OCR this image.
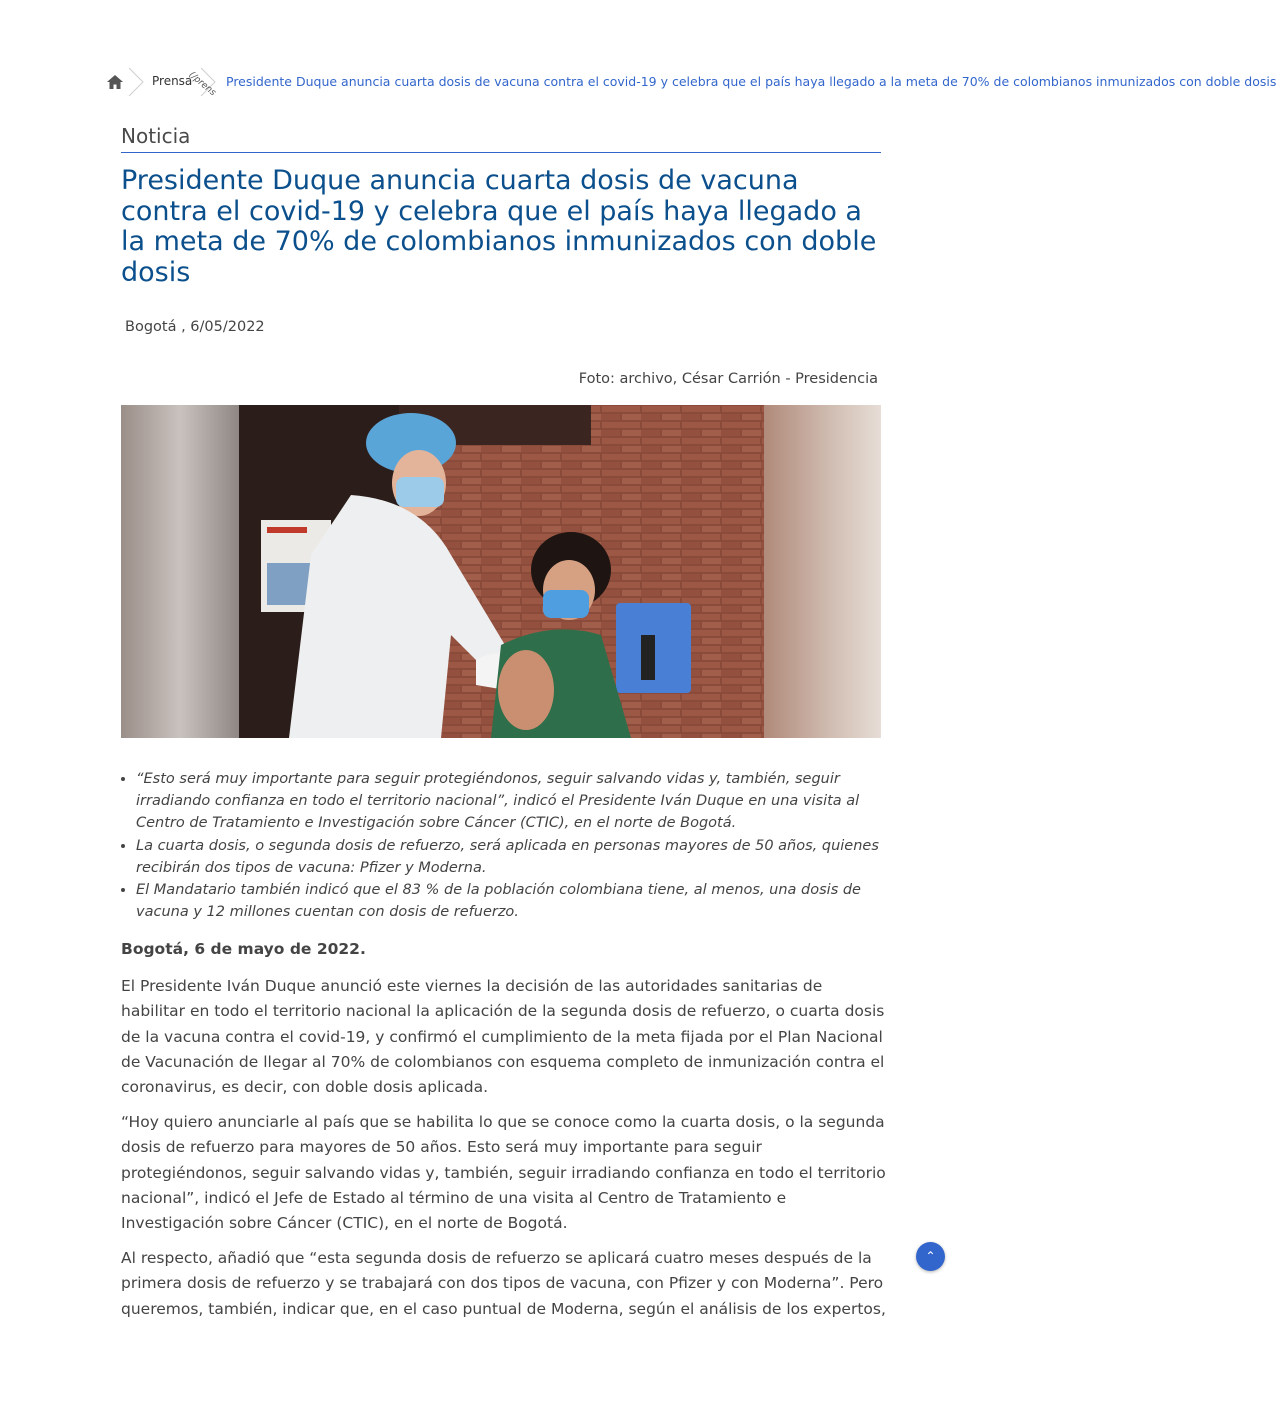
Prensa
(/prens Presidente Duque anuncia cuarta dosis de vacuna contra el covid-19 y celebra que el país haya llegado a la meta de 70% de colombianos inmunizados con doble dosis
Noticia
Presidente Duque anuncia cuarta dosis de vacuna contra el covid-19 y celebra que el país haya llegado a la meta de 70% de colombianos inmunizados con doble dosis
Bogotá , 6/05/2022
Foto: archivo, César Carrión - Presidencia
• “Esto será muy importante para seguir protegiéndonos, seguir salvando vidas y, también, seguir irradiando confianza en todo el territorio nacional”, indicó el Presidente Iván Duque en una visita al Centro de Tratamiento e Investigación sobre Cáncer (CTIC), en el norte de Bogotá.
• La cuarta dosis, o segunda dosis de refuerzo, será aplicada en personas mayores de 50 años, quienes recibirán dos tipos de vacuna: Pfizer y Moderna.
• El Mandatario también indicó que el 83 % de la población colombiana tiene, al menos, una dosis de vacuna y 12 millones cuentan con dosis de refuerzo.

Bogotá, 6 de mayo de 2022.

El Presidente Iván Duque anunció este viernes la decisión de las autoridades sanitarias de habilitar en todo el territorio nacional la aplicación de la segunda dosis de refuerzo, o cuarta dosis de la vacuna contra el covid-19, y confirmó el cumplimiento de la meta fijada por el Plan Nacional de Vacunación de llegar al 70% de colombianos con esquema completo de inmunización contra el coronavirus, es decir, con doble dosis aplicada.

“Hoy quiero anunciarle al país que se habilita lo que se conoce como la cuarta dosis, o la segunda dosis de refuerzo para mayores de 50 años. Esto será muy importante para seguir protegiéndonos, seguir salvando vidas y, también, seguir irradiando confianza en todo el territorio nacional”, indicó el Jefe de Estado al término de una visita al Centro de Tratamiento e Investigación sobre Cáncer (CTIC), en el norte de Bogotá.

Al respecto, añadió que “esta segunda dosis de refuerzo se aplicará cuatro meses después de la primera dosis de refuerzo y se trabajará con dos tipos de vacuna, con Pfizer y con Moderna”. Pero queremos, también, indicar que, en el caso puntual de Moderna, según el análisis de los expertos,

⌃
